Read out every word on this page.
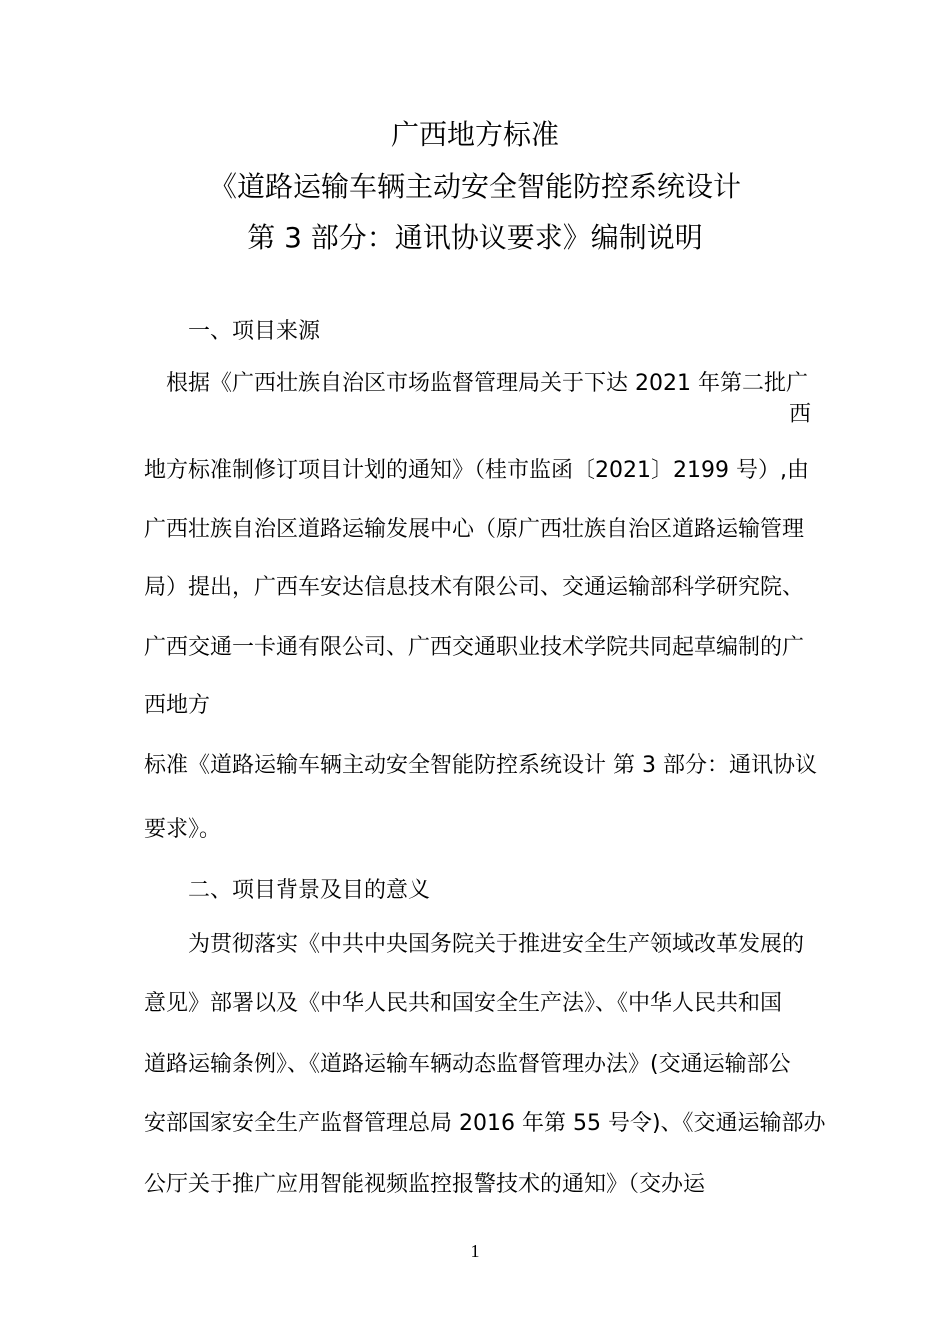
广西地方标准
《道路运输车辆主动安全智能防控系统设计
第 3 部分：通讯协议要求》编制说明
一、项目来源
根据《广西壮族自治区市场监督管理局关于下达 2021 年第二批广
西
地方标准制修订项目计划的通知》（桂市监函〔2021〕2199 号）,由
广西壮族自治区道路运输发展中心（原广西壮族自治区道路运输管理
局）提出，广西车安达信息技术有限公司、交通运输部科学研究院、
广西交通一卡通有限公司、广西交通职业技术学院共同起草编制的广
西地方
标准《道路运输车辆主动安全智能防控系统设计 第 3 部分：通讯协议
要求》。
二、项目背景及目的意义
为贯彻落实《中共中央国务院关于推进安全生产领域改革发展的
意见》部署以及《中华人民共和国安全生产法》、《中华人民共和国
道路运输条例》、《道路运输车辆动态监督管理办法》(交通运输部公
安部国家安全生产监督管理总局 2016 年第 55 号令)、《交通运输部办
公厅关于推广应用智能视频监控报警技术的通知》（交办运
1
